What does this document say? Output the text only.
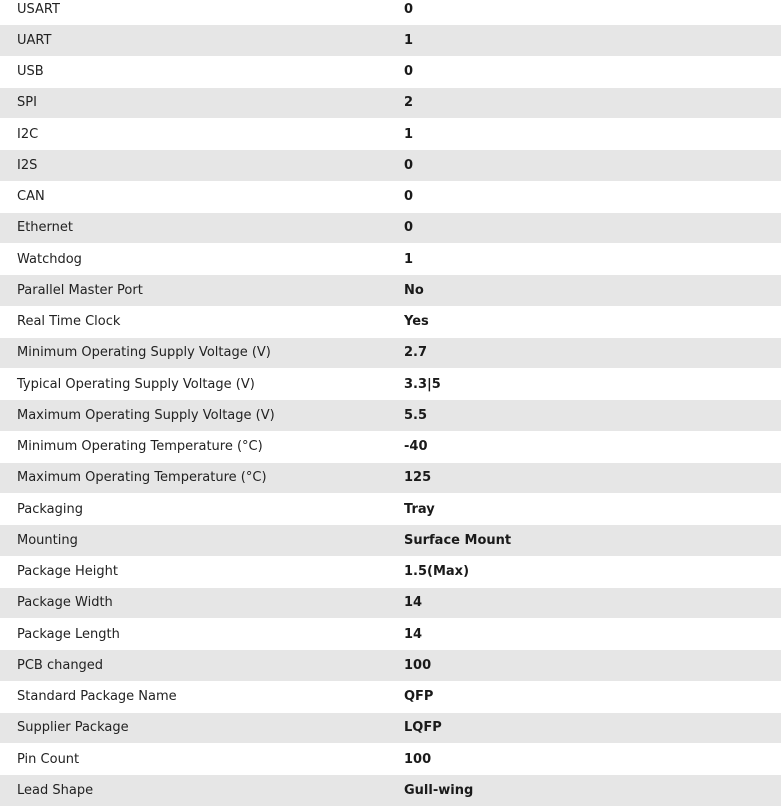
USART	0
UART	1
USB	0
SPI	2
I2C	1
I2S	0
CAN	0
Ethernet	0
Watchdog	1
Parallel Master Port	No
Real Time Clock	Yes
Minimum Operating Supply Voltage (V)	2.7
Typical Operating Supply Voltage (V)	3.3|5
Maximum Operating Supply Voltage (V)	5.5
Minimum Operating Temperature (°C)	-40
Maximum Operating Temperature (°C)	125
Packaging	Tray
Mounting	Surface Mount
Package Height	1.5(Max)
Package Width	14
Package Length	14
PCB changed	100
Standard Package Name	QFP
Supplier Package	LQFP
Pin Count	100
Lead Shape	Gull-wing
